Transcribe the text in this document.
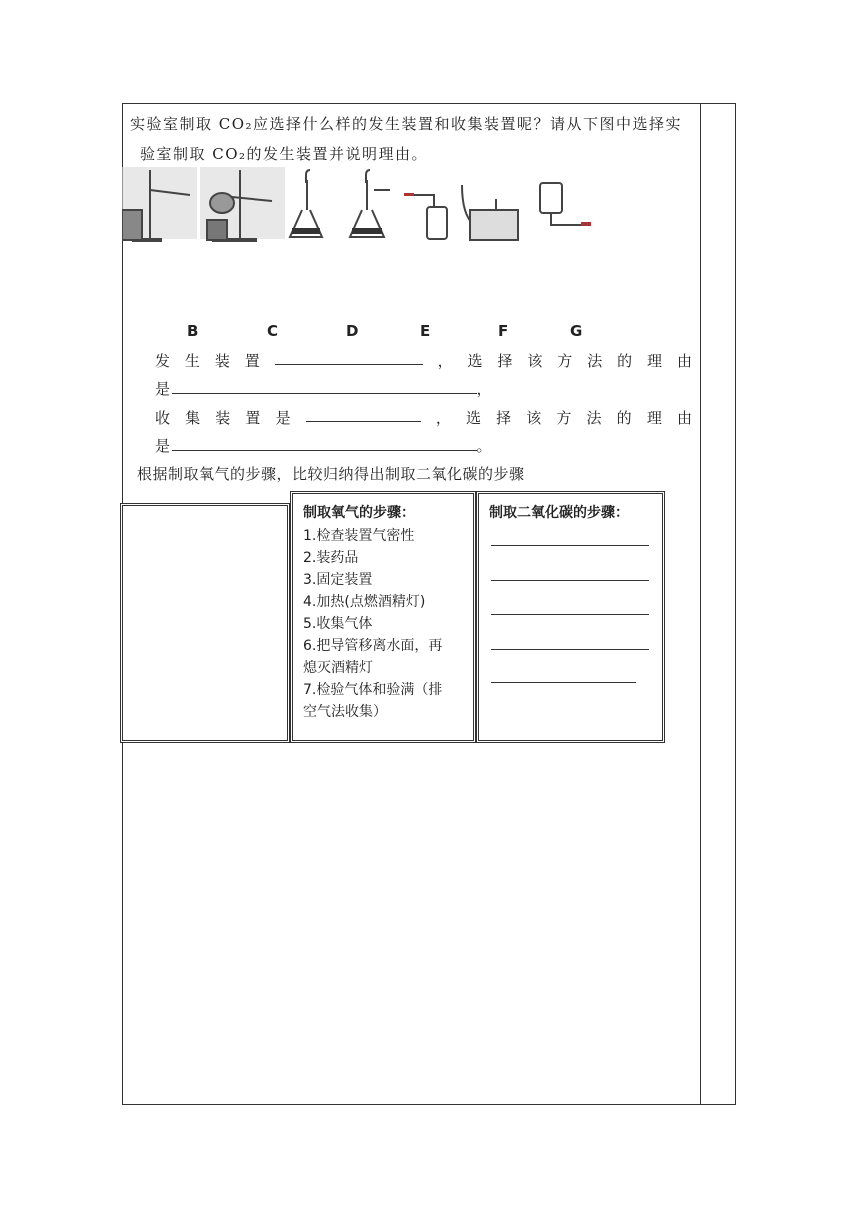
实验室制取 CO₂应选择什么样的发生装置和收集装置呢？请从下图中选择实
验室制取 CO₂的发生装置并说明理由。
B	C	D	E	F	G
发 生 装 置	， 选 择 该 方 法 的 理 由
是	，
收 集 装 置 是	， 选 择 该 方 法 的 理 由
是	。
根据制取氧气的步骤，比较归纳得出制取二氧化碳的步骤
制取氧气的步骤：
1.检查装置气密性
2.装药品
3.固定装置
4.加热(点燃酒精灯)
5.收集气体
6.把导管移离水面，再
熄灭酒精灯
7.检验气体和验满（排
空气法收集）
制取二氧化碳的步骤：
